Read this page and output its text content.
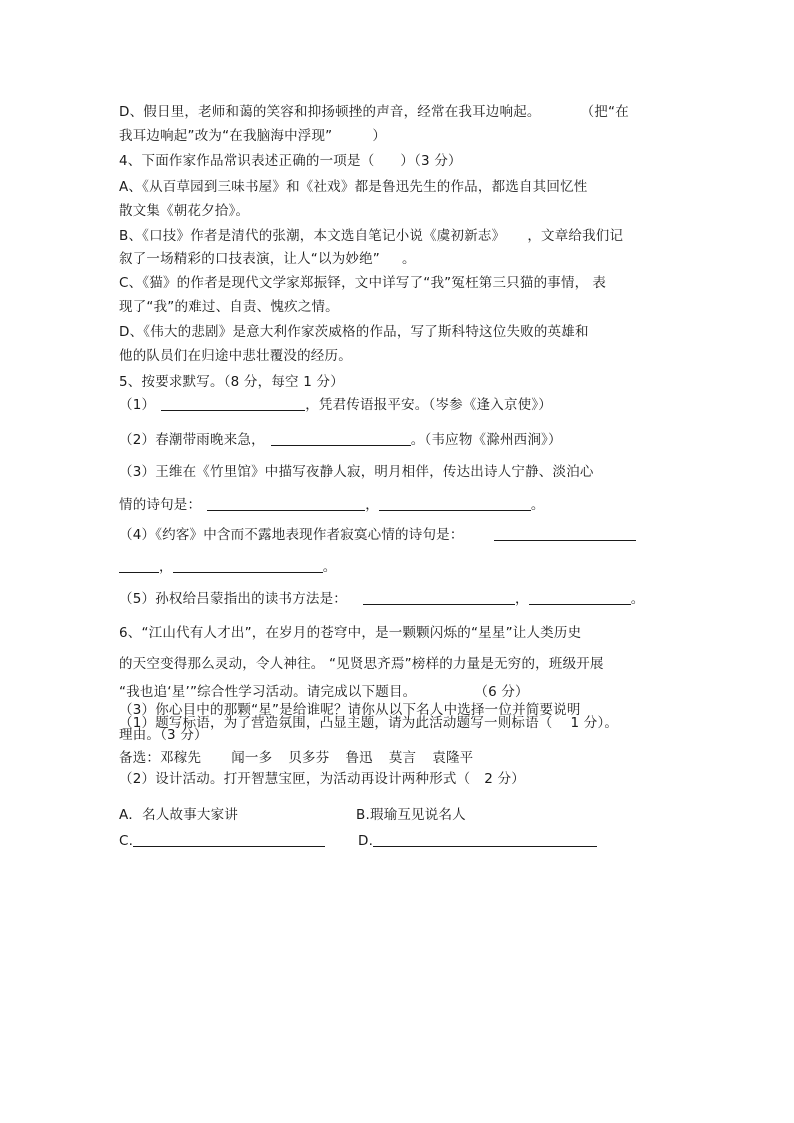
D、假日里，老师和蔼的笑容和抑扬顿挫的声音，经常在我耳边响起。	（把“在
我耳边响起”改为“在我脑海中浮现”	）
4、下面作家作品常识表述正确的一项是（ ）（3 分）
A、《从百草园到三味书屋》和《社戏》都是鲁迅先生的作品，都选自其回忆性
散文集《朝花夕拾》。
B、《口技》作者是清代的张潮，本文选自笔记小说《虞初新志》 ，文章给我们记
叙了一场精彩的口技表演，让人“以为妙绝” 。
C、《猫》的作者是现代文学家郑振铎，文中详写了“我”冤枉第三只猫的事情， 表
现了“我”的难过、自责、愧疚之情。
D、《伟大的悲剧》是意大利作家茨威格的作品，写了斯科特这位失败的英雄和
他的队员们在归途中悲壮覆没的经历。
5、按要求默写。（8 分，每空 1 分）
（1）	，凭君传语报平安。（岑参《逢入京使》）
（2）春潮带雨晚来急，	。（韦应物《滁州西涧》）
（3）王维在《竹里馆》中描写夜静人寂，明月相伴，传达出诗人宁静、淡泊心
情的诗句是：	，	。
（4）《约客》中含而不露地表现作者寂寞心情的诗句是：
，	。
（5）孙权给吕蒙指出的读书方法是：	，	。
6、“江山代有人才出”，在岁月的苍穹中，是一颗颗闪烁的“星星”让人类历史
的天空变得那么灵动，令人神往。 “见贤思齐焉”榜样的力量是无穷的，班级开展
“我也追‘星’”综合性学习活动。请完成以下题目。	（6 分）
（3）你心目中的那颗“星”是给谁呢？请你从以下名人中选择一位并简要说明
（1）题写标语，为了营造氛围，凸显主题，请为此活动题写一则标语（ 1 分）。
理由。（3 分）
备选：邓稼先 闻一多 贝多芬 鲁迅 莫言 袁隆平
（2）设计活动。打开智慧宝匣，为活动再设计两种形式（ 2 分）
A．名人故事大家讲	B.瑕瑜互见说名人
C.	D.
